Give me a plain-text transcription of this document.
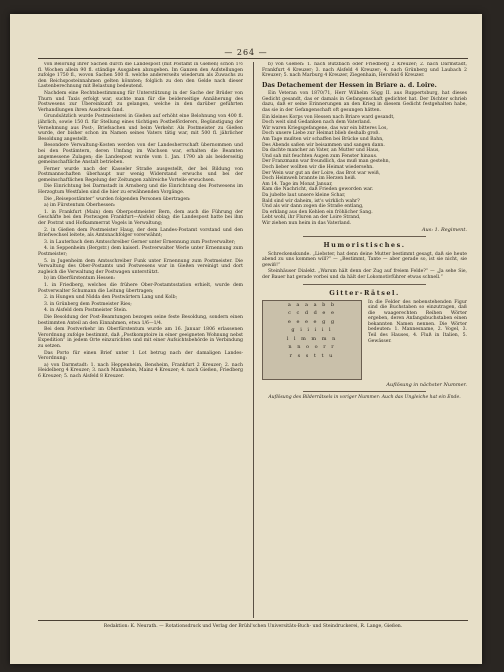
— 264 —

von Belörung ihrer Sachen durch die Landespost (mit Postamt in Gießen) schon 1½ fl. Wochen allein 90 fl. ständige Ausgaben abzugeben. Im Ganzen den Aufstellungen zufolge 1750 fl., wovon Sachen 500 fl. welche andererseits wiederum als Zuwachs zu den Reichsposteinnahmen gelten könnten; folglich zu den den Gelde nach dieser Lastenberechnung mit Belastung bedeutend.

Nachdem eine Rechtsbestimmung für Unterstützung in der Sache der Brüder von Thurn und Taxis erfolgt war, suchte man für die beiderseitige Annäherung des Postwesens zur Übereinkunft zu gelangen, welche in den darüber geführten Verhandlungen ihren Ausdruck fand.

Grundsätzlich wurde Postmeisterei in Gießen auf erhöht eine Belohnung von 400 fl. jährlich, sowie 150 fl. für Stellung eines tüchtigen Postbeförderers, Begünstigung der Vernehmung aus Post-, Briefsachen und beim Verkehr. Als Postmeister zu Gießen wurde, der bisher schon im Namen seines Vaters tätig war, mit 500 fl. jährlicher Besoldung angestellt.

Besondere Verwaltung-Kosten werden von der Landesherrschaft übernommen und bei den Postämtern, deren Umfang im Wachsen war, erhalten die Beamten angemessene Zulagen; die Landespost wurde vom 1. Jan. 1790 ab als beiderseitig gemeinschaftliche Anstalt betrieben.

Ferner wurde nach der Kasseler Straße ausgestellt, der bei Bildung von Postmannschaften überhaupt nur wenig Widerstand erwuchs und bei der gemeinschaftlichen Regelung der Zeitungen zahlreiche Vorteile erwuchsen.

Die Einrichtung bei Darmstadt in Arnsberg und die Einrichtung des Postwesens im Herzogtum Westfalen sind die hier zu erwähnenden Vorgänge.

Die „Reisepostämter“ wurden folgenden Personen übertragen:

a) im Fürstentum Oberhessen:

1. in Frankfurt (Main) dem Oberpostmeister Bern, dem auch die Führung der Geschäfte bei den Postwagen Frankfurt—Alsfeld oblag; die Landespost hatte bei ihm der Postrat und Hofkammerrat Vogels in Verwaltung;

2. in Gießen dem Postmeister Haug, der dem Landes-Postamt vorstand und den Briefwechsel leitete, als Amtsnachfolger vorerwähnt;

3. in Lauterbach dem Amtsschreiber Gerner unter Ernennung zum Postverwalter;

4. in Seppenheim (Bergstr.) dem kaiserl. Postverwalter Werle unter Ernennung zum Postmeister;

5. in Jugenheim dem Amtsschreiber Funk unter Ernennung zum Postmeister. Die Verwaltung des Ober-Postamts und Postwesens war in Gießen vereinigt und dort zugleich die Verwaltung der Postwagen unterstützt.

b) im Oberfürstentum Hessen:

1. in Friedberg, welches die frühere Ober-Postamtsstation erhielt, wurde dem Postverwalter Schumann die Leitung übertragen;

2. in Hungen und Nidda den Postwärtern Lang und Kolb;

3. in Grünberg dem Postmeister Ries;

4. in Alsfeld dem Postmeister Stein.

Die Besoldung der Post-Beamtungen bezogen seine feste Besoldung, sondern einen bestimmten Anteil an den Einnahmen, etwa 1/6—1/4.

Bei dem Postverkehr im Oberfürstentum wurde am 16. Januar 1806 erlassenen Verordnung zufolge bestimmt, daß „Postkomptoire in einer geeigneten Wohnung nebst Expedition“ in jedem Orte einzurichten und mit einer Aufsichtsbehörde in Verbindung zu setzen.

Das Porto für einen Brief unter 1 Lot betrug nach der damaligen Landes-Verordnung:

a) von Darmstadt: 1. nach Heppenheim, Bensheim, Frankfurt 2 Kreuzer; 2. nach Heidelberg 4 Kreuzer; 3. nach Mannheim, Mainz 4 Kreuzer; 4. nach Gießen, Friedberg 6 Kreuzer; 5. nach Alsfeld 8 Kreuzer.

b) von Gießen: 1. nach Butzbach oder Friedberg 2 Kreuzer; 2. nach Darmstadt, Frankfurt 4 Kreuzer; 3. nach Alsfeld 4 Kreuzer; 4. nach Grünberg und Laubach 2 Kreuzer; 5. nach Marburg 4 Kreuzer, Ziegenhain, Hersfeld 6 Kreuzer.

Das Detachement der Hessen in Briare a. d. Loire.

Ein Veteran von 1870/71, Herr Wilhelm Sögg II. aus Ruppertsburg, hat dieses Gedicht gesandt, das er damals in Gefangenschaft gedichtet hat. Der Dichter schrieb dazu, daß er seine Erinnerungen an den Krieg in diesem Gedicht festgehalten habe, das sie in der Gefangenschaft oft gesungen hätten.

Ein kleines Korps von Hessen nach Briare ward gesandt,

Doch weit sind Gedanken nach dem Vaterland.

Wir waren Kriegsgefangene, das war ein bitteres Los,

Doch unsere Liebe zur Heimat blieb deshalb groß.

Am Tage mußten wir schaffen bei Brücke und Bahn,

Des Abends saßen wir beisammen und sangen dann.

Da dachte mancher an Vater, an Mutter und Haus,

Und sah mit feuchten Augen zum Fenster hinaus.

Der Franzmann war freundlich, das muß man gestehn,

Doch lieber wollten wir die Heimat wiedersehn.

Der Wein war gut an der Loire, das Brot war weiß,

Doch Heimweh brannte im Herzen heiß.

Am 14. Tage im Monat Januar,

Kam die Nachricht, daß Frieden geworden war.

Da jubelte laut unsere kleine Schar,

Bald sind wir daheim, ist's wirklich wahr?

Und als wir dann zogen die Straße entlang,

Da erklang aus den Kehlen ein fröhlicher Sang.

Lebt wohl, ihr Fluren an der Loire Strand,

Wir ziehen nun heim in das Vaterland.

Aus: 1. Regiment.
Humoristisches.

Schreckenskunde. „Liebster, hat denn deine Mutter bestimmt gesagt, daß sie heute abend zu uns kommen will?“ — „Bestimmt, Tante — aber gerade so, ist sie nicht, sie gewiß!“

Steinhäuser Dialekt. „Warum hält denn der Zug auf freiem Felde?“ — „Ja sehe Sie, der Bauer hat gerade vorbei und da hält der Lokomotivführer etwas schnell.“

Gitter-Rätsel.
a a a a b b
c c d d e e
e e e e g g
g i i i i l
l l m m m n
n n o o r r
r s s t t u

In die Felder des nebenstehenden Figur sind die Buchstaben so einzutragen, daß die waagerechten Reihen Wörter ergeben, deren Anfangsbuchstaben einen bekannten Namen nennen. Die Wörter bedeuten: 1. Mannesname, 2. Vogel, 3. Teil des Hauses, 4. Fluß in Italien, 5. Gewässer.

Auflösung in nächster Nummer.

Auflösung des Bilderrätsels in voriger Nummer: Auch das Ungleiche hat ein Ende.

Redaktion: K. Neurath. — Rotationsdruck und Verlag der Brühl'schen Universitäts-Buch- und Steindruckerei, R. Lange, Gießen.
